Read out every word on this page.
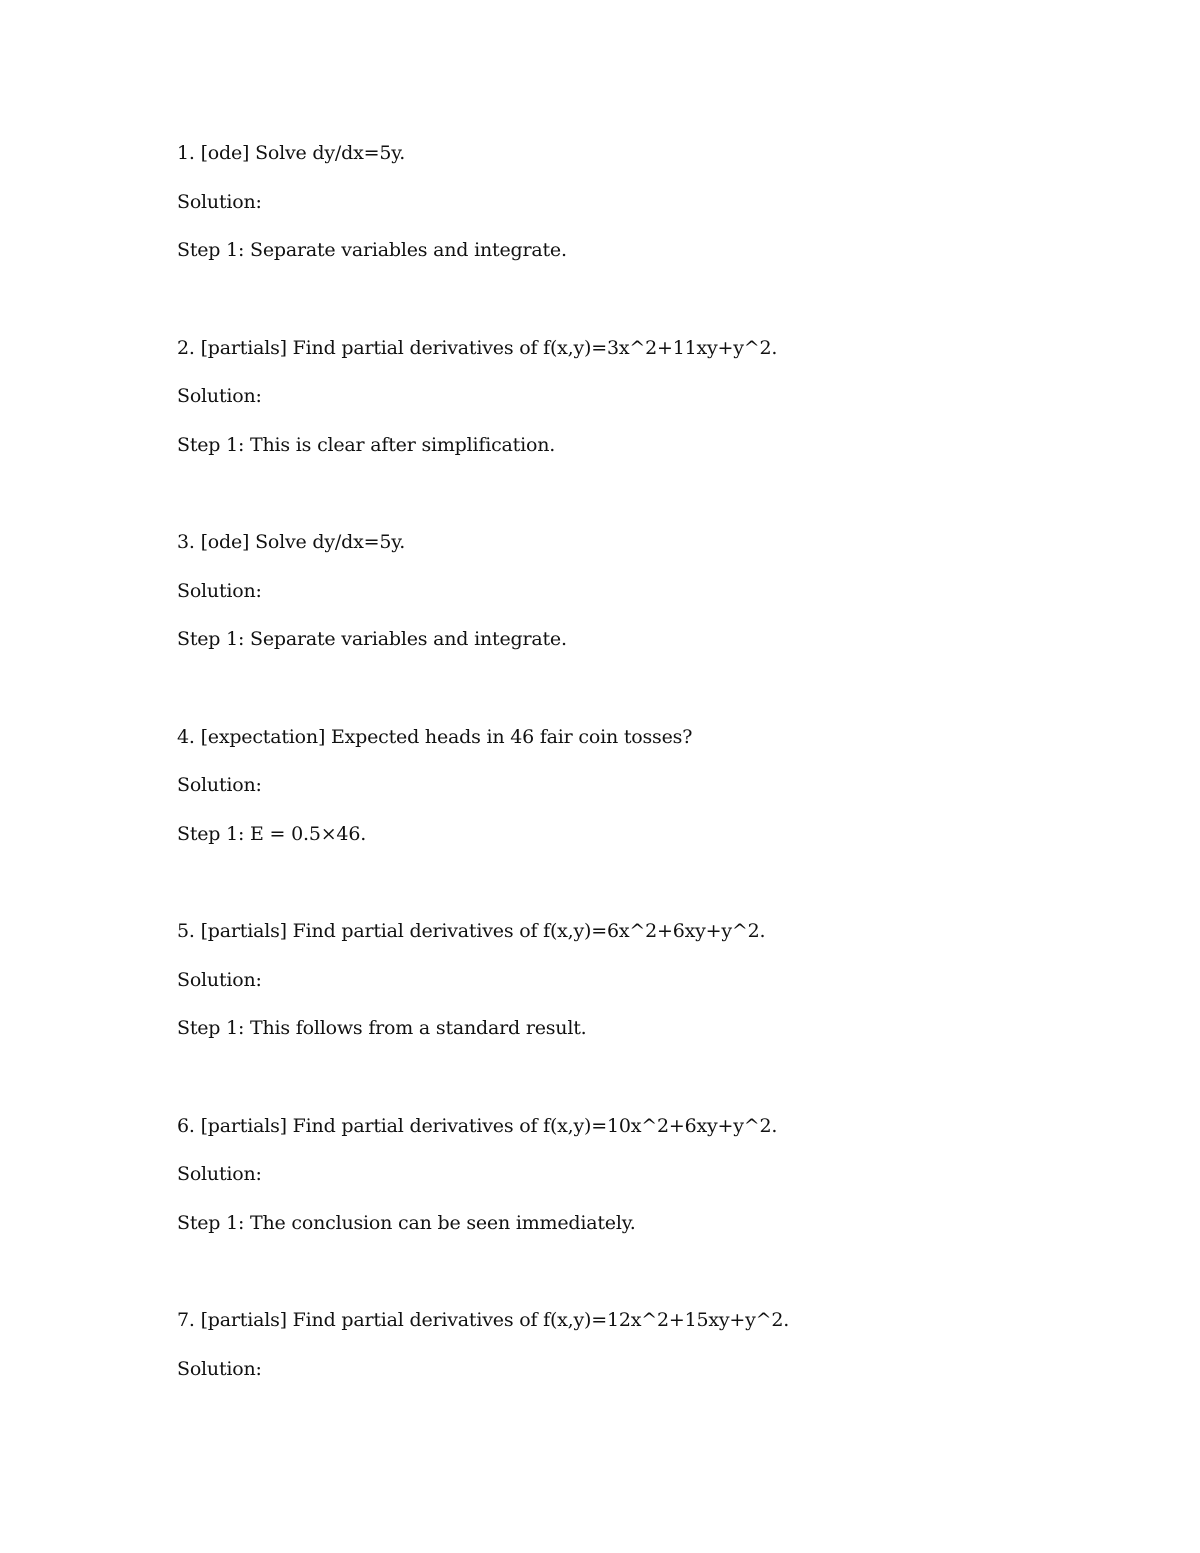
1. [ode] Solve dy/dx=5y.
Solution:
Step 1: Separate variables and integrate.
2. [partials] Find partial derivatives of f(x,y)=3x^2+11xy+y^2.
Solution:
Step 1: This is clear after simplification.
3. [ode] Solve dy/dx=5y.
Solution:
Step 1: Separate variables and integrate.
4. [expectation] Expected heads in 46 fair coin tosses?
Solution:
Step 1: E = 0.5×46.
5. [partials] Find partial derivatives of f(x,y)=6x^2+6xy+y^2.
Solution:
Step 1: This follows from a standard result.
6. [partials] Find partial derivatives of f(x,y)=10x^2+6xy+y^2.
Solution:
Step 1: The conclusion can be seen immediately.
7. [partials] Find partial derivatives of f(x,y)=12x^2+15xy+y^2.
Solution:
